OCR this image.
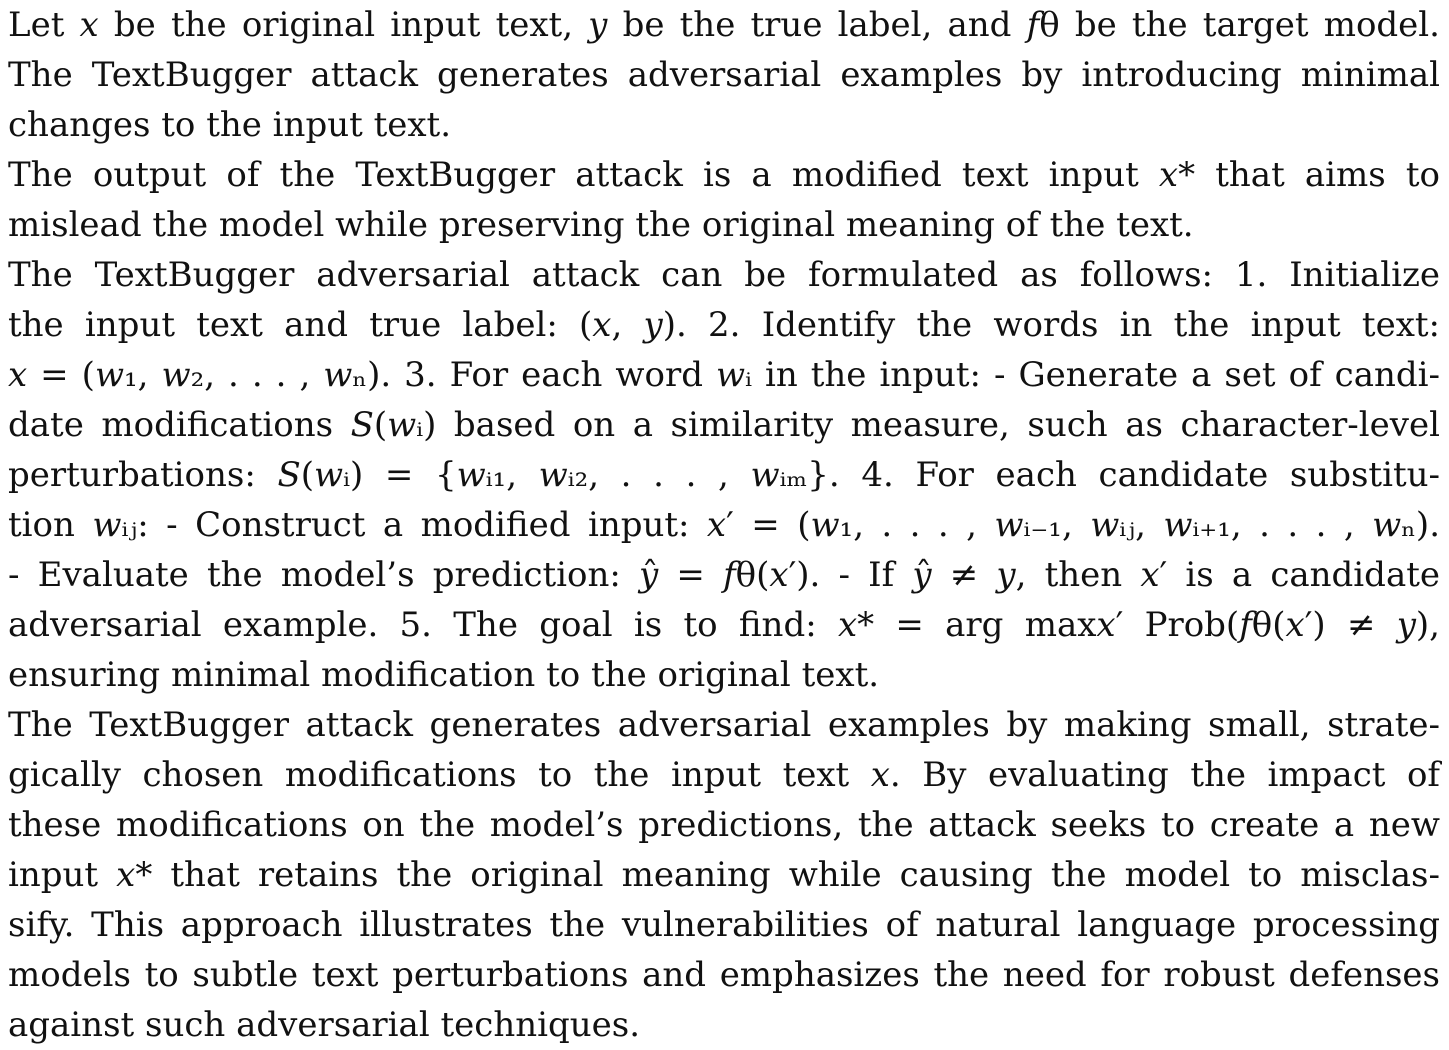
Let 𝑥 be the original input text, 𝑦 be the true label, and 𝑓θ be the target model.
The TextBugger attack generates adversarial examples by introducing minimal
changes to the input text.
The output of the TextBugger attack is a modified text input 𝑥* that aims to
mislead the model while preserving the original meaning of the text.
The TextBugger adversarial attack can be formulated as follows: 1. Initialize
the input text and true label: (𝑥, 𝑦). 2. Identify the words in the input text:
𝑥 = (𝑤₁, 𝑤₂, . . . , 𝑤ₙ). 3. For each word 𝑤ᵢ in the input: - Generate a set of candi-
date modifications 𝑆(𝑤ᵢ) based on a similarity measure, such as character-level
perturbations: 𝑆(𝑤ᵢ) = {𝑤ᵢ₁, 𝑤ᵢ₂, . . . , 𝑤ᵢₘ}. 4. For each candidate substitu-
tion 𝑤ᵢⱼ: - Construct a modified input: 𝑥′ = (𝑤₁, . . . , 𝑤ᵢ₋₁, 𝑤ᵢⱼ, 𝑤ᵢ₊₁, . . . , 𝑤ₙ).
- Evaluate the model’s prediction: 𝑦̂ = 𝑓θ(𝑥′). - If 𝑦̂ ≠ 𝑦, then 𝑥′ is a candidate
adversarial example. 5. The goal is to find: 𝑥* = arg max𝑥′ Prob(𝑓θ(𝑥′) ≠ 𝑦),
ensuring minimal modification to the original text.
The TextBugger attack generates adversarial examples by making small, strate-
gically chosen modifications to the input text 𝑥. By evaluating the impact of
these modifications on the model’s predictions, the attack seeks to create a new
input 𝑥* that retains the original meaning while causing the model to misclas-
sify. This approach illustrates the vulnerabilities of natural language processing
models to subtle text perturbations and emphasizes the need for robust defenses
against such adversarial techniques.
